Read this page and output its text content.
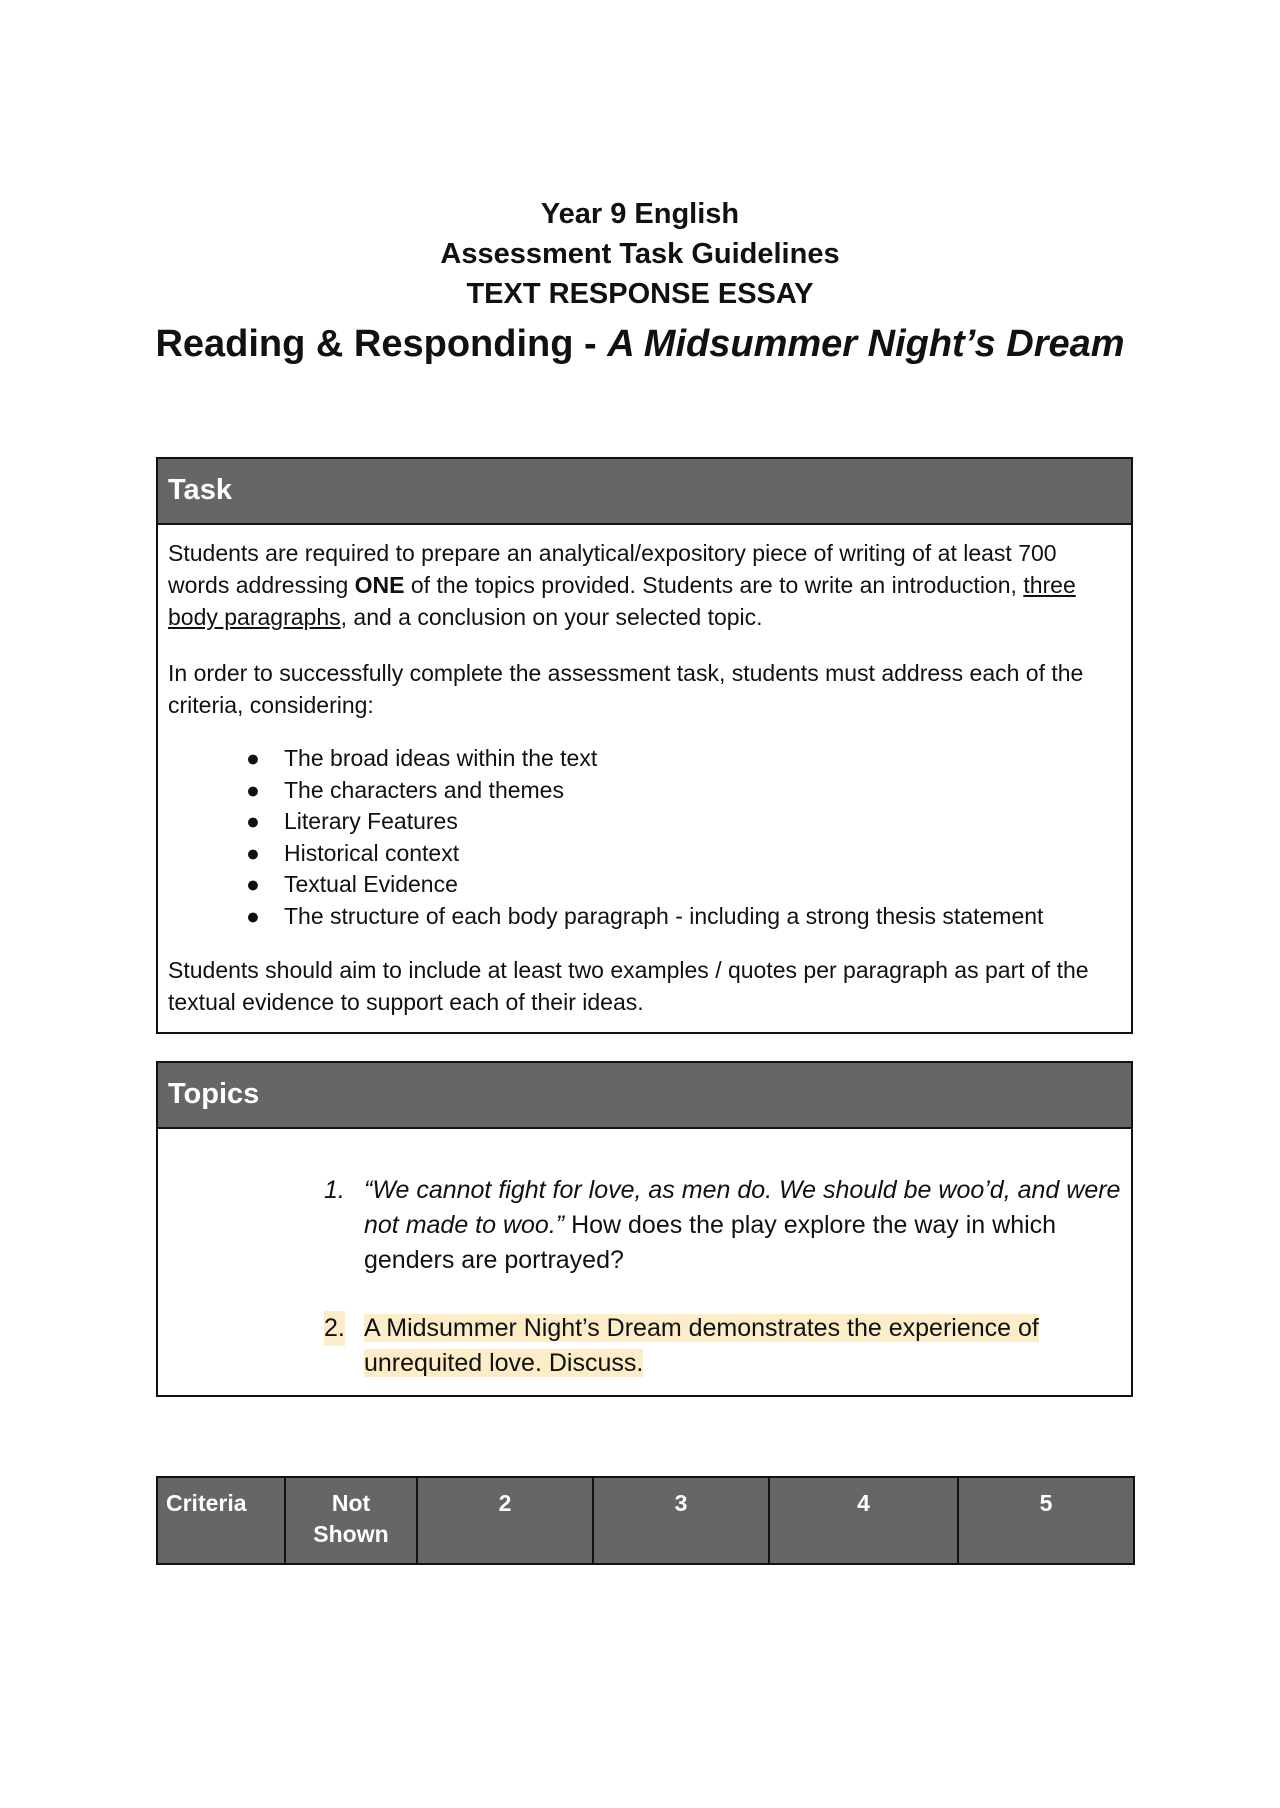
Year 9 English
Assessment Task Guidelines
TEXT RESPONSE ESSAY
Reading & Responding - A Midsummer Night’s Dream
Task

Students are required to prepare an analytical/expository piece of writing of at least 700 words addressing ONE of the topics provided. Students are to write an introduction, three body paragraphs, and a conclusion on your selected topic.

In order to successfully complete the assessment task, students must address each of the criteria, considering:

● The broad ideas within the text
● The characters and themes
● Literary Features
● Historical context
● Textual Evidence
● The structure of each body paragraph - including a strong thesis statement

Students should aim to include at least two examples / quotes per paragraph as part of the textual evidence to support each of their ideas.

Topics
1. “We cannot fight for love, as men do. We should be woo’d, and were not made to woo.” How does the play explore the way in which genders are portrayed?
2. A Midsummer Night’s Dream demonstrates the experience of unrequited love. Discuss.
Criteria	Not Shown	2	3	4	5
